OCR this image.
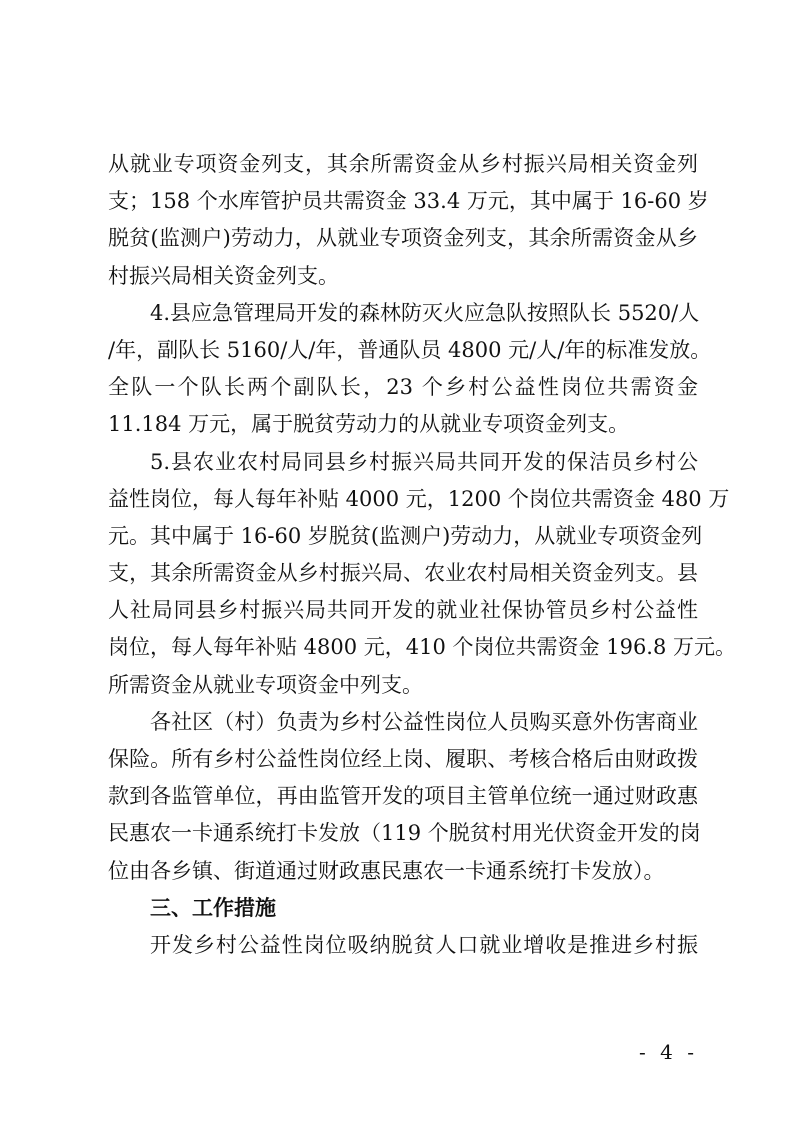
从就业专项资金列支，其余所需资金从乡村振兴局相关资金列
支；158 个水库管护员共需资金 33.4 万元，其中属于 16-60 岁
脱贫(监测户)劳动力，从就业专项资金列支，其余所需资金从乡
村振兴局相关资金列支。
4.县应急管理局开发的森林防灭火应急队按照队长 5520/人
/年，副队长 5160/人/年，普通队员 4800 元/人/年的标准发放。
全队一个队长两个副队长，23 个乡村公益性岗位共需资金
11.184 万元，属于脱贫劳动力的从就业专项资金列支。
5.县农业农村局同县乡村振兴局共同开发的保洁员乡村公
益性岗位，每人每年补贴 4000 元，1200 个岗位共需资金 480 万
元。其中属于 16-60 岁脱贫(监测户)劳动力，从就业专项资金列
支，其余所需资金从乡村振兴局、农业农村局相关资金列支。县
人社局同县乡村振兴局共同开发的就业社保协管员乡村公益性
岗位，每人每年补贴 4800 元，410 个岗位共需资金 196.8 万元。
所需资金从就业专项资金中列支。
各社区（村）负责为乡村公益性岗位人员购买意外伤害商业
保险。所有乡村公益性岗位经上岗、履职、考核合格后由财政拨
款到各监管单位，再由监管开发的项目主管单位统一通过财政惠
民惠农一卡通系统打卡发放（119 个脱贫村用光伏资金开发的岗
位由各乡镇、街道通过财政惠民惠农一卡通系统打卡发放）。
三、工作措施
开发乡村公益性岗位吸纳脱贫人口就业增收是推进乡村振
- 4 -
